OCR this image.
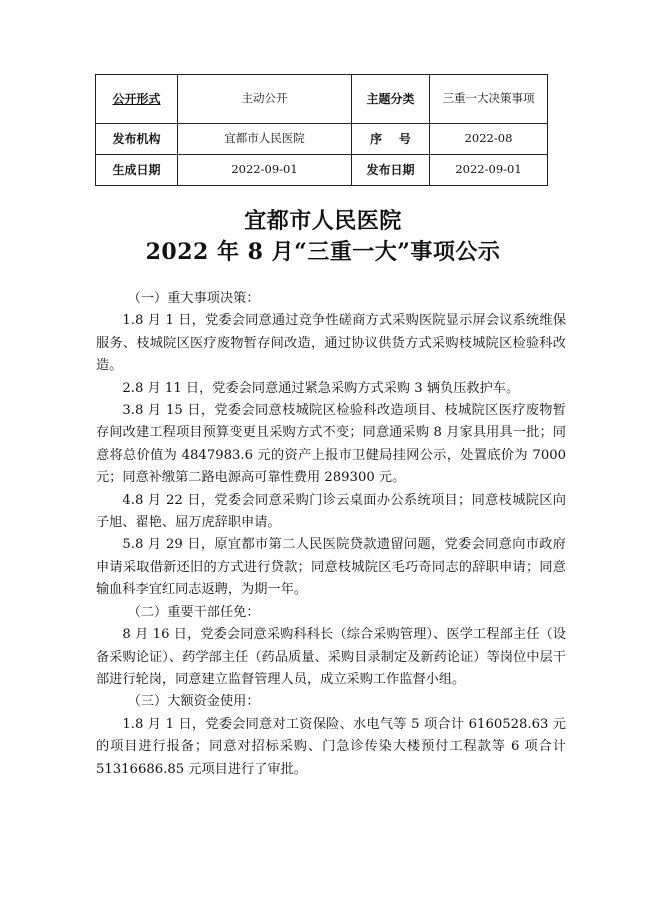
公开形式	主动公开	主题分类	三重一大决策事项
发布机构	宜都市人民医院	序    号	2022-08
生成日期	2022-09-01	发布日期	2022-09-01
宜都市人民医院
2022 年 8 月“三重一大”事项公示

（一）重大事项决策：

1.8 月 1 日，党委会同意通过竞争性磋商方式采购医院显示屏会议系统维保服务、枝城院区医疗废物暂存间改造，通过协议供货方式采购枝城院区检验科改造。

2.8 月 11 日，党委会同意通过紧急采购方式采购 3 辆负压救护车。

3.8 月 15 日，党委会同意枝城院区检验科改造项目、枝城院区医疗废物暂存间改建工程项目预算变更且采购方式不变；同意通采购 8 月家具用具一批；同意将总价值为 4847983.6 元的资产上报市卫健局挂网公示，处置底价为 7000 元；同意补缴第二路电源高可靠性费用 289300 元。

4.8 月 22 日，党委会同意采购门诊云桌面办公系统项目；同意枝城院区向子旭、翟艳、屈万虎辞职申请。

5.8 月 29 日，原宜都市第二人民医院贷款遗留问题，党委会同意向市政府申请采取借新还旧的方式进行贷款；同意枝城院区毛巧奇同志的辞职申请；同意输血科李宜红同志返聘，为期一年。

（二）重要干部任免：

8 月 16 日，党委会同意采购科科长（综合采购管理）、医学工程部主任（设备采购论证）、药学部主任（药品质量、采购目录制定及新药论证）等岗位中层干部进行轮岗，同意建立监督管理人员，成立采购工作监督小组。

（三）大额资金使用：

1.8 月 1 日，党委会同意对工资保险、水电气等 5 项合计 6160528.63 元的项目进行报备；同意对招标采购、门急诊传染大楼预付工程款等 6 项合计 51316686.85 元项目进行了审批。
